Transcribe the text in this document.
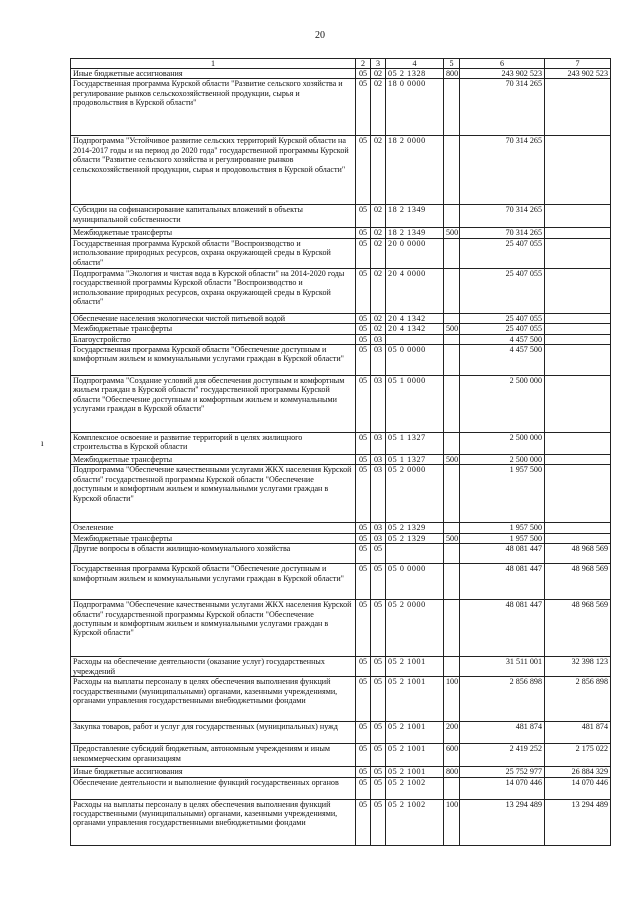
20
ı
1	2	3	4	5	6	7
Иные бюджетные ассигнования	05	02	05 2 1328	800	243 902 523	243 902 523
Государственная программа Курской области "Развитие сельского хозяйства и регулирование рынков сельскохозяйственной продукции, сырья и продовольствия в Курской области"	05	02	18 0 0000		70 314 265	
Подпрограмма "Устойчивое развитие сельских территорий Курской области на 2014-2017 годы и на период до 2020 года" государственной программы Курской области "Развитие сельского хозяйства и регулирование рынков сельскохозяйственной продукции, сырья и продовольствия в Курской области"	05	02	18 2 0000		70 314 265	
Субсидии на софинансирование капитальных вложений в объекты муниципальной собственности	05	02	18 2 1349		70 314 265	
Межбюджетные трансферты	05	02	18 2 1349	500	70 314 265	
Государственная программа Курской области "Воспроизводство и использование природных ресурсов, охрана окружающей среды в Курской области"	05	02	20 0 0000		25 407 055	
Подпрограмма "Экология и чистая вода в Курской области" на 2014-2020 годы государственной программы Курской области "Воспроизводство и использование природных ресурсов, охрана окружающей среды в Курской области"	05	02	20 4 0000		25 407 055	
Обеспечение населения экологически чистой питьевой водой	05	02	20 4 1342		25 407 055	
Межбюджетные трансферты	05	02	20 4 1342	500	25 407 055	
Благоустройство	05	03			4 457 500	
Государственная программа Курской области "Обеспечение доступным и комфортным жильем и коммунальными услугами граждан в Курской области"	05	03	05 0 0000		4 457 500	
Подпрограмма "Создание условий для обеспечения доступным и комфортным жильем граждан в Курской области" государственной программы Курской области "Обеспечение доступным и комфортным жильем и коммунальными услугами граждан в Курской области"	05	03	05 1 0000		2 500 000	
Комплексное освоение и развитие территорий в целях жилищного строительства в Курской области	05	03	05 1 1327		2 500 000	
Межбюджетные трансферты	05	03	05 1 1327	500	2 500 000	
Подпрограмма "Обеспечение качественными услугами ЖКХ населения Курской области" государственной программы Курской области "Обеспечение доступным и комфортным жильем и коммунальными услугами граждан в Курской области"	05	03	05 2 0000		1 957 500	
Озеленение	05	03	05 2 1329		1 957 500	
Межбюджетные трансферты	05	03	05 2 1329	500	1 957 500	
Другие вопросы в области жилищно-коммунального хозяйства	05	05			48 081 447	48 968 569
Государственная программа Курской области "Обеспечение доступным и комфортным жильем и коммунальными услугами граждан в Курской области"	05	05	05 0 0000		48 081 447	48 968 569
Подпрограмма "Обеспечение качественными услугами ЖКХ населения Курской области" государственной программы Курской области "Обеспечение доступным и комфортным жильем и коммунальными услугами граждан в Курской области"	05	05	05 2 0000		48 081 447	48 968 569
Расходы на обеспечение деятельности (оказание услуг) государственных учреждений	05	05	05 2 1001		31 511 001	32 398 123
Расходы на выплаты персоналу в целях обеспечения выполнения функций государственными (муниципальными) органами, казенными учреждениями, органами управления государственными внебюджетными фондами	05	05	05 2 1001	100	2 856 898	2 856 898
Закупка товаров, работ и услуг для государственных (муниципальных) нужд	05	05	05 2 1001	200	481 874	481 874
Предоставление субсидий бюджетным, автономным учреждениям и иным некоммерческим организациям	05	05	05 2 1001	600	2 419 252	2 175 022
Иные бюджетные ассигнования	05	05	05 2 1001	800	25 752 977	26 884 329
Обеспечение деятельности и выполнение функций государственных органов	05	05	05 2 1002		14 070 446	14 070 446
Расходы на выплаты персоналу в целях обеспечения выполнения функций государственными (муниципальными) органами, казенными учреждениями, органами управления государственными внебюджетными фондами	05	05	05 2 1002	100	13 294 489	13 294 489
